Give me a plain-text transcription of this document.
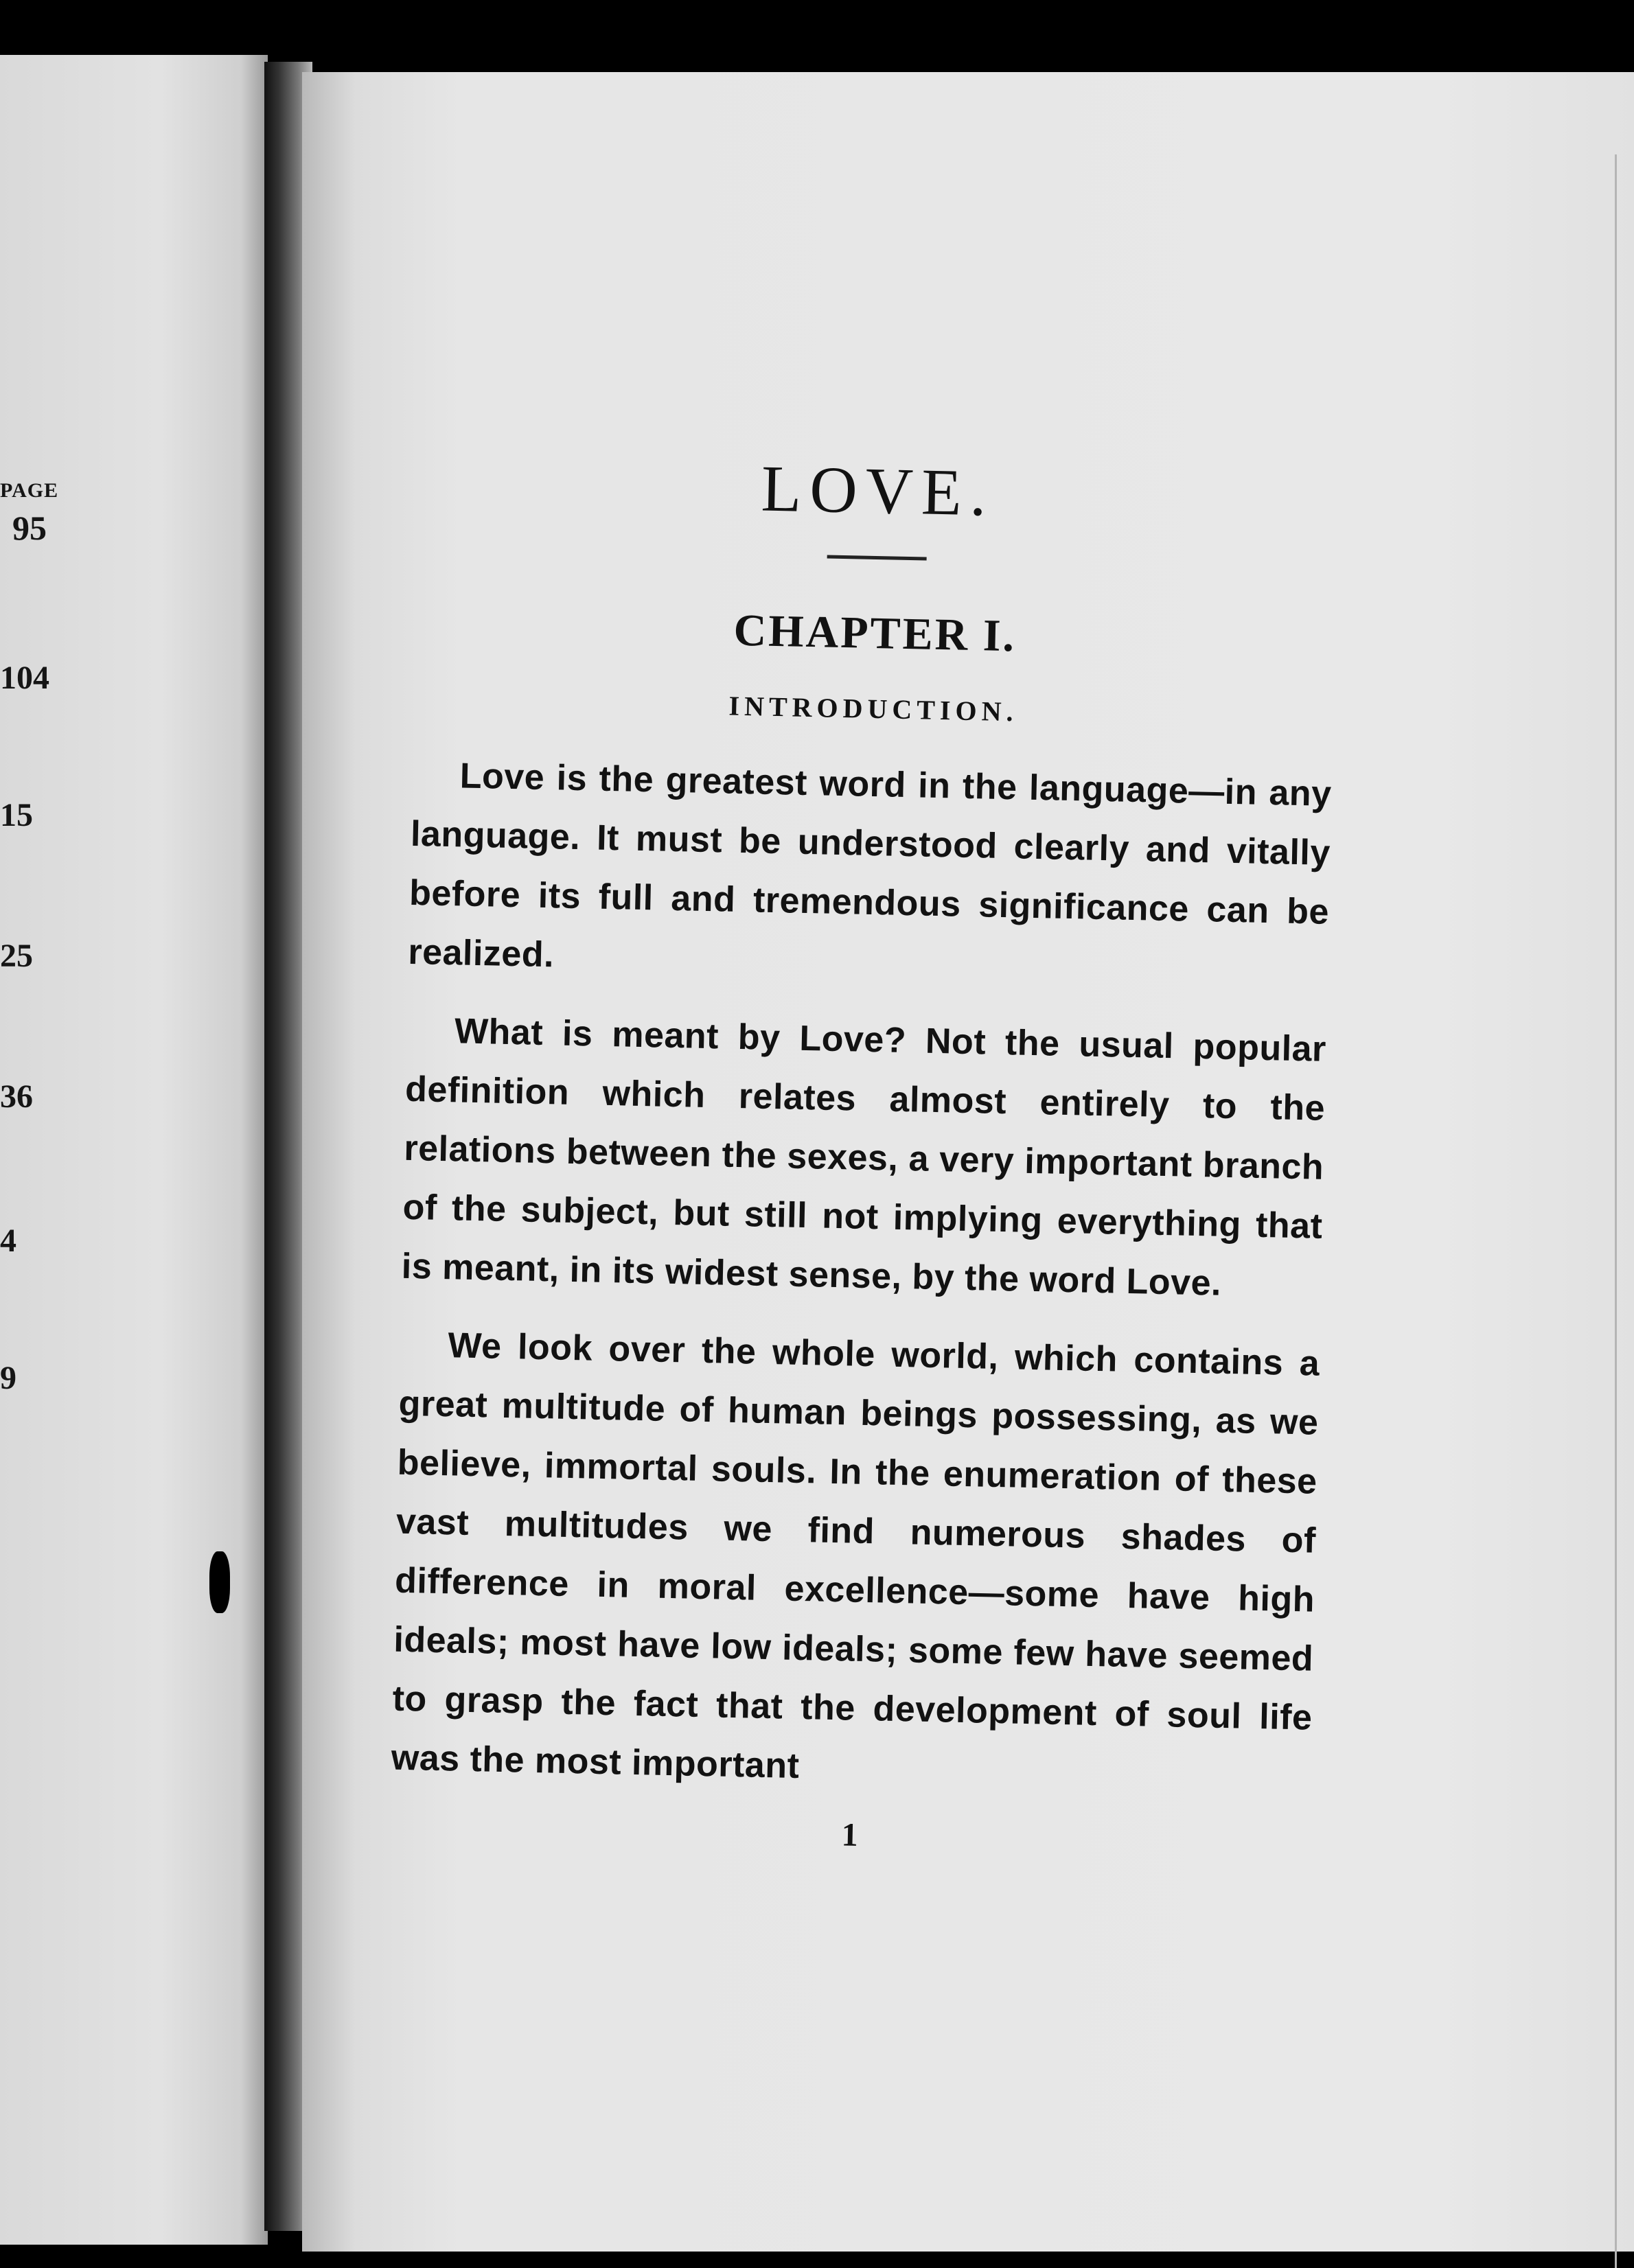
PAGE
95
104
15
25
36
4
9
LOVE.
CHAPTER I.
INTRODUCTION.

Love is the greatest word in the language—in any language. It must be understood clearly and vitally before its full and tremendous significance can be realized.

What is meant by Love? Not the usual popular definition which relates almost entirely to the relations between the sexes, a very important branch of the subject, but still not implying everything that is meant, in its widest sense, by the word Love.

We look over the whole world, which contains a great multitude of human beings possessing, as we believe, immortal souls. In the enumeration of these vast multitudes we find numerous shades of difference in moral excellence—some have high ideals; most have low ideals; some few have seemed to grasp the fact that the development of soul life was the most important

1
